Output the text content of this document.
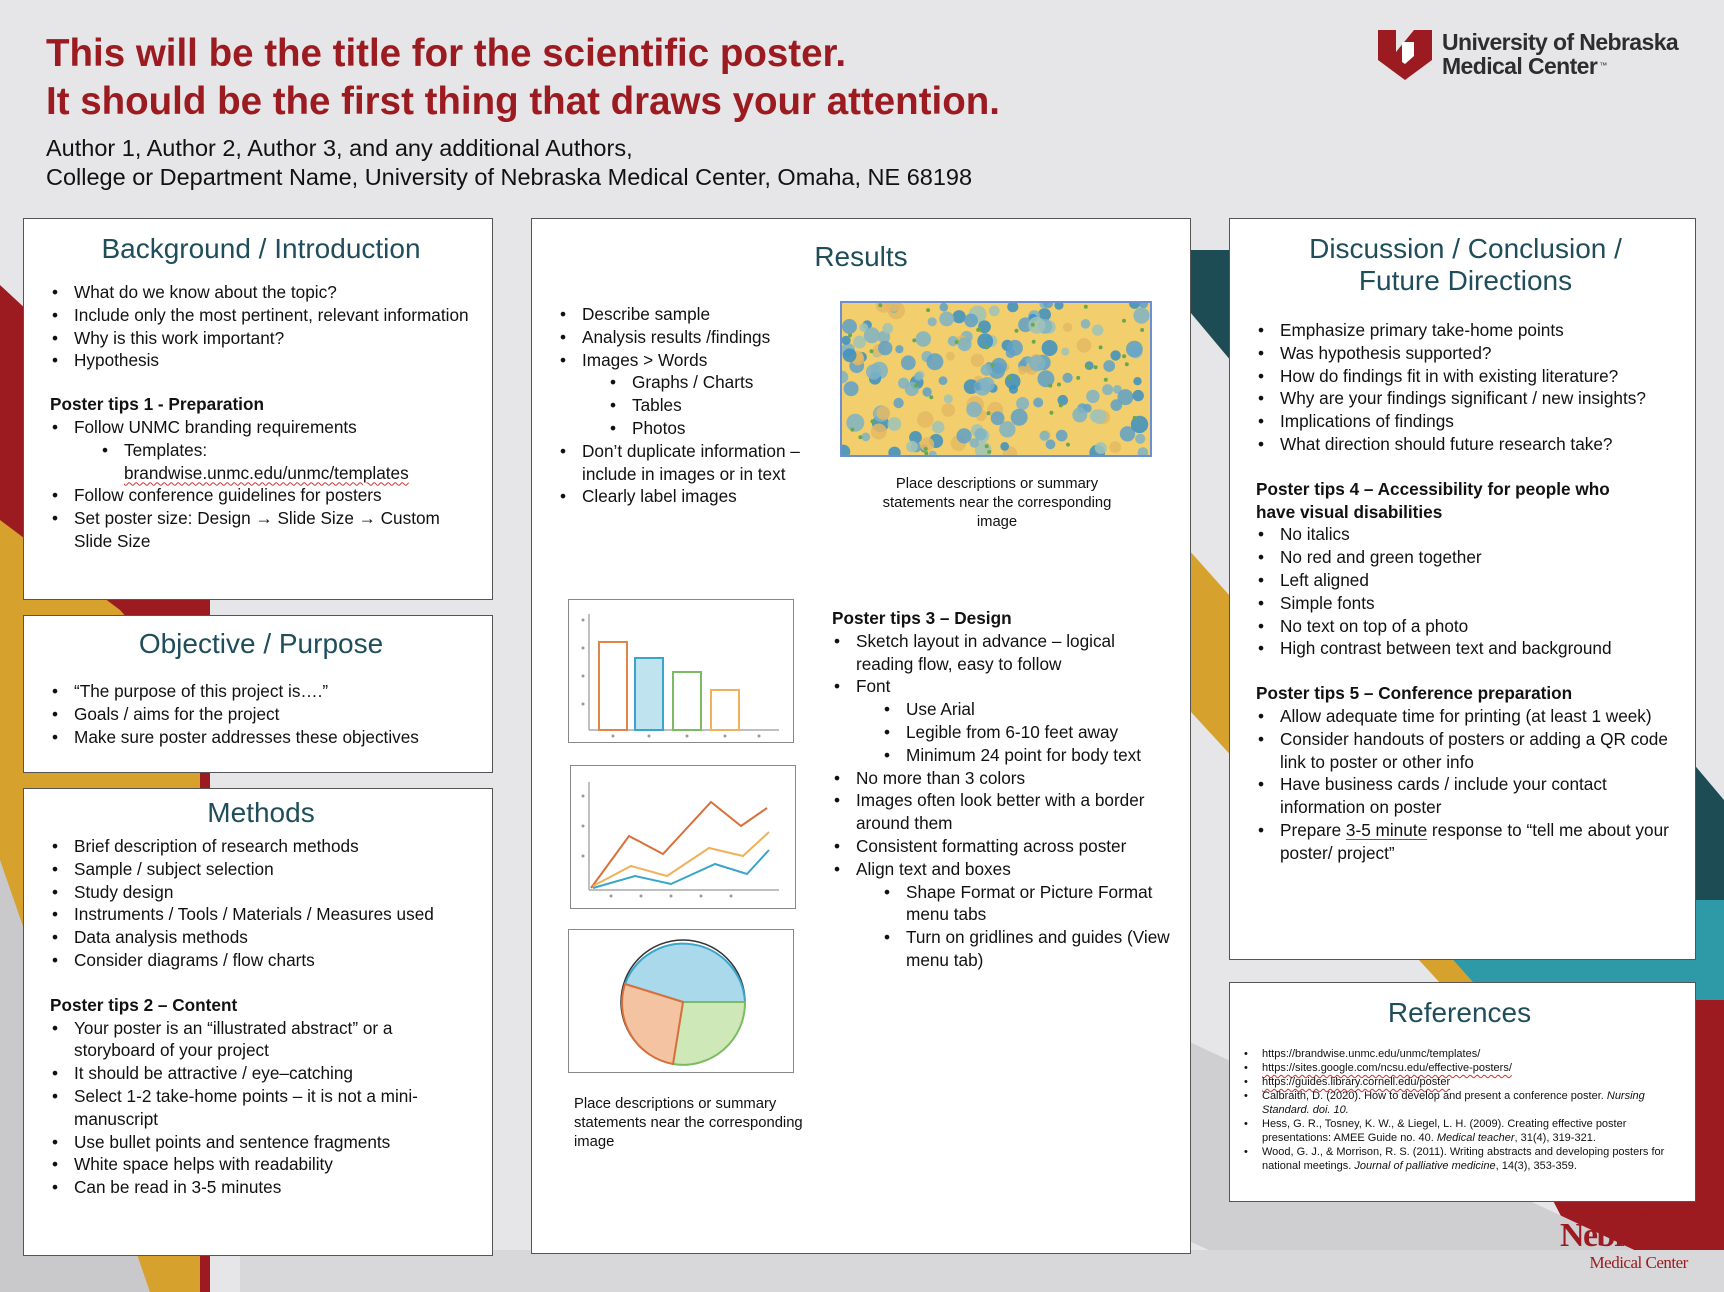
This will be the title for the scientific poster.
It should be the first thing that draws your attention.
Author 1, Author 2, Author 3, and any additional Authors,
College or Department Name, University of Nebraska Medical Center, Omaha, NE 68198
University of Nebraska
Medical Center ™
Background / Introduction
• What do we know about the topic?
• Include only the most pertinent, relevant information
• Why is this work important?
• Hypothesis
Poster tips 1 - Preparation
• Follow UNMC branding requirements
• Templates:
brandwise.unmc.edu/unmc/templates
• Follow conference guidelines for posters
• Set poster size: Design → Slide Size → Custom Slide Size
Objective / Purpose
• “The purpose of this project is….”
• Goals / aims for the project
• Make sure poster addresses these objectives
Methods
• Brief description of research methods
• Sample / subject selection
• Study design
• Instruments / Tools / Materials / Measures used
• Data analysis methods
• Consider diagrams / flow charts
Poster tips 2 – Content
• Your poster is an “illustrated abstract” or a storyboard of your project
• It should be attractive / eye–catching
• Select 1-2 take-home points – it is not a mini-manuscript
• Use bullet points and sentence fragments
• White space helps with readability
• Can be read in 3-5 minutes
Results
• Describe sample
• Analysis results /findings
• Images > Words
• Graphs / Charts
• Tables
• Photos
• Don’t duplicate information – include in images or in text
• Clearly label images
Place descriptions or summary statements near the corresponding image
Place descriptions or summary statements near the corresponding image
Poster tips 3 – Design
• Sketch layout in advance – logical reading flow, easy to follow
• Font
• Use Arial
• Legible from 6-10 feet away
• Minimum 24 point for body text
• No more than 3 colors
• Images often look better with a border around them
• Consistent formatting across poster
• Align text and boxes
• Shape Format or Picture Format menu tabs
• Turn on gridlines and guides (View menu tab)
Discussion / Conclusion /
Future Directions
• Emphasize primary take-home points
• Was hypothesis supported?
• How do findings fit in with existing literature?
• Why are your findings significant / new insights?
• Implications of findings
• What direction should future research take?
Poster tips 4 – Accessibility for people who have visual disabilities
• No italics
• No red and green together
• Left aligned
• Simple fonts
• No text on top of a photo
• High contrast between text and background
Poster tips 5 – Conference preparation
• Allow adequate time for printing (at least 1 week)
• Consider handouts of posters or adding a QR code link to poster or other info
• Have business cards / include your contact information on poster
• Prepare 3-5 minute response to “tell me about your poster/ project”
References
• https://brandwise.unmc.edu/unmc/templates/
• https://sites.google.com/ncsu.edu/effective-posters/
• https://guides.library.cornell.edu/poster
• Calbraith, D. (2020). How to develop and present a conference poster. Nursing Standard. doi. 10.
• Hess, G. R., Tosney, K. W., & Liegel, L. H. (2009). Creating effective poster presentations: AMEE Guide no. 40. Medical teacher, 31(4), 319-321.
• Wood, G. J., & Morrison, R. S. (2011). Writing abstracts and developing posters for national meetings. Journal of palliative medicine, 14(3), 353-359.
UNIVERSITY OF
Nebraska
Medical Center
